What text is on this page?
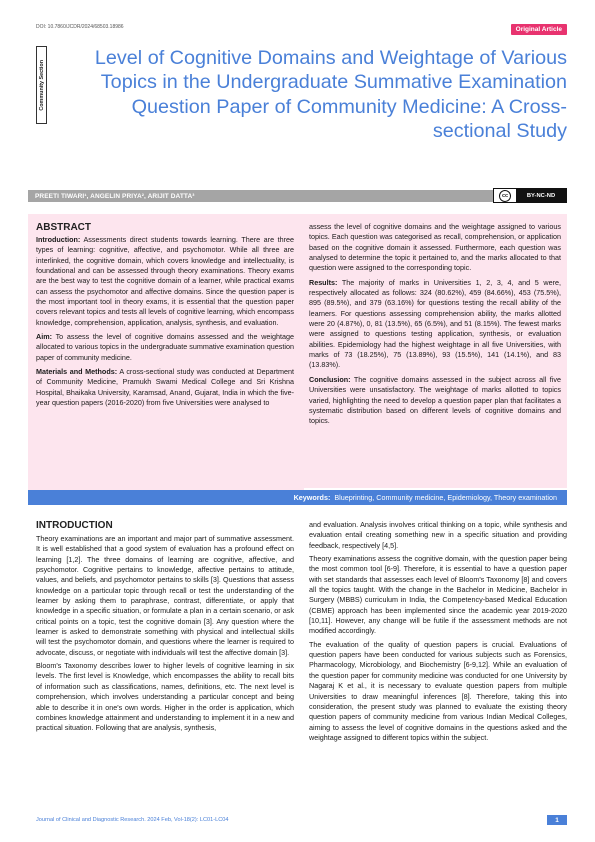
DOI: 10.7860/JCDR/2024/68503.18986	Original Article
Community Section
Level of Cognitive Domains and Weightage of Various Topics in the Undergraduate Summative Examination Question Paper of Community Medicine: A Cross-sectional Study
PREETI TIWARI¹, ANGELIN PRIYA², ARIJIT DATTA³	cc	BY-NC-ND
ABSTRACT

Introduction: Assessments direct students towards learning. There are three types of learning: cognitive, affective, and psychomotor. While all three are interlinked, the cognitive domain, which covers knowledge and intellectuality, is foundational and can be assessed through theory examinations. Theory exams are the best way to test the cognitive domain of a learner, while practical exams can assess the psychomotor and affective domains. Since the question paper is the most important tool in theory exams, it is essential that the question paper covers relevant topics and tests all levels of cognitive learning, which encompass knowledge, comprehension, application, analysis, synthesis, and evaluation.

Aim: To assess the level of cognitive domains assessed and the weightage allocated to various topics in the undergraduate summative examination question paper of community medicine.

Materials and Methods: A cross-sectional study was conducted at Department of Community Medicine, Pramukh Swami Medical College and Sri Krishna Hospital, Bhaikaka University, Karamsad, Anand, Gujarat, India in which the five-year question papers (2016-2020) from five Universities were analysed to

assess the level of cognitive domains and the weightage assigned to various topics. Each question was categorised as recall, comprehension, or application based on the cognitive domain it assessed. Furthermore, each question was analysed to determine the topic it pertained to, and the marks allocated to that question were assigned to the corresponding topic.

Results: The majority of marks in Universities 1, 2, 3, 4, and 5 were, respectively allocated as follows: 324 (80.62%), 459 (84.66%), 453 (75.5%), 895 (89.5%), and 379 (63.16%) for questions testing the recall ability of the learners. For questions assessing comprehension ability, the marks allotted were 20 (4.87%), 0, 81 (13.5%), 65 (6.5%), and 51 (8.15%). The fewest marks were assigned to questions testing application, synthesis, or evaluation abilities. Epidemiology had the highest weightage in all five Universities, with marks of 73 (18.25%), 75 (13.89%), 93 (15.5%), 141 (14.1%), and 83 (13.83%).

Conclusion: The cognitive domains assessed in the subject across all five Universities were unsatisfactory. The weightage of marks allotted to topics varied, highlighting the need to develop a question paper plan that facilitates a systematic distribution based on different levels of cognitive domains and topics.

Keywords: Blueprinting, Community medicine, Epidemiology, Theory examination
INTRODUCTION

Theory examinations are an important and major part of summative assessment. It is well established that a good system of evaluation has a profound effect on learning [1,2]. The three domains of learning are cognitive, affective, and psychomotor. Cognitive pertains to knowledge, affective pertains to attitude, values, and beliefs, and psychomotor pertains to skills [3]. Questions that assess knowledge on a particular topic through recall or test the understanding of the learner by asking them to paraphrase, contrast, differentiate, or apply that knowledge in a specific situation, or formulate a plan in a certain scenario, or ask critical points on a topic, test the cognitive domain [3]. Any question where the learner is asked to demonstrate something with physical and intellectual skills will test the psychomotor domain, and questions where the learner is required to advocate, discuss, or negotiate with individuals will test the affective domain [3].

Bloom's Taxonomy describes lower to higher levels of cognitive learning in six levels. The first level is Knowledge, which encompasses the ability to recall bits of information such as classifications, names, definitions, etc. The next level is comprehension, which involves understanding a particular concept and being able to describe it in one's own words. Higher in the order is application, which combines knowledge attainment and understanding to implement it in a new and practical situation. Following that are analysis, synthesis,

and evaluation. Analysis involves critical thinking on a topic, while synthesis and evaluation entail creating something new in a specific situation and providing feedback, respectively [4,5].

Theory examinations assess the cognitive domain, with the question paper being the most common tool [6-9]. Therefore, it is essential to have a question paper with set standards that assesses each level of Bloom's Taxonomy [8] and covers all the topics taught. With the change in the Bachelor in Medicine, Bachelor in Surgery (MBBS) curriculum in India, the Competency-based Medical Education (CBME) approach has been implemented since the academic year 2019-2020 [10,11]. However, any change will be futile if the assessment methods are not modified accordingly.

The evaluation of the quality of question papers is crucial. Evaluations of question papers have been conducted for various subjects such as Forensics, Pharmacology, Microbiology, and Biochemistry [6-9,12]. While an evaluation of the question paper for community medicine was conducted for one University by Nagaraj K et al., it is necessary to evaluate question papers from multiple Universities to draw meaningful inferences [8]. Therefore, taking this into consideration, the present study was planned to evaluate the existing theory question papers of community medicine from various Indian Medical Colleges, aiming to assess the level of cognitive domains in the questions asked and the weightage assigned to different topics within the subject.

Journal of Clinical and Diagnostic Research. 2024 Feb, Vol-18(2): LC01-LC04	1
